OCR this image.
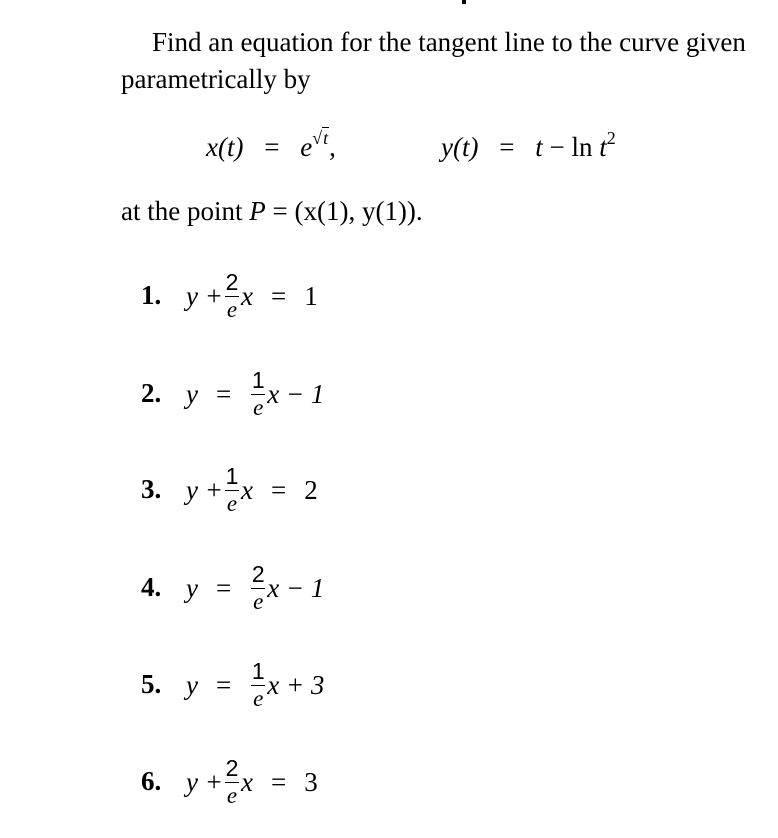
Find an equation for the tangent line to the curve given parametrically by
x(t) = e√t,	$y(t) = t - \ln t^2$
at the point P = (x(1), y(1)).
1. $y + \frac{2}{e}$ x = 1
2. $y = \frac{1}{e}$ x − 1
3. $y + \frac{1}{e}$ x = 2
4. $y = \frac{2}{e}$ x − 1
5. $y = \frac{1}{e}$ x + 3
6. $y + \frac{2}{e}$ x = 3
